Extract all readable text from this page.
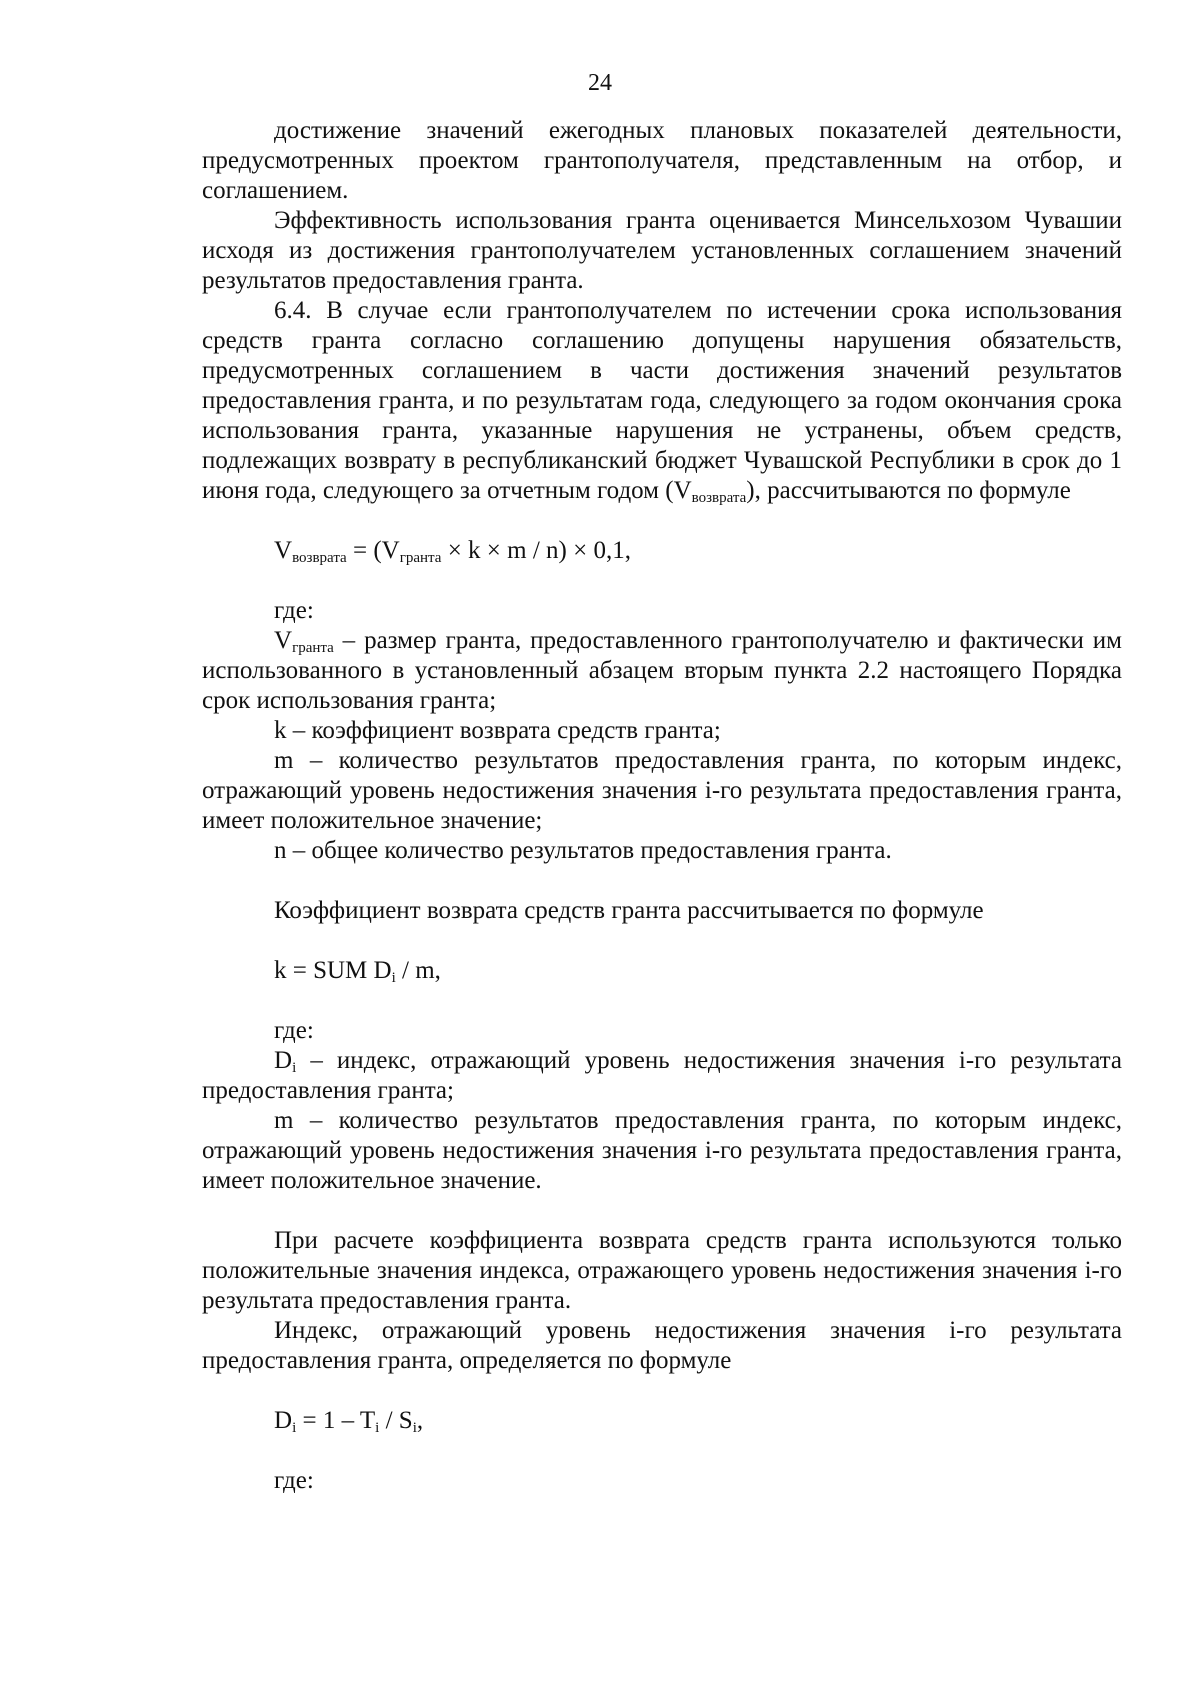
24

достижение значений ежегодных плановых показателей деятельности, предусмотренных проектом грантополучателя, представленным на отбор, и соглашением.

Эффективность использования гранта оценивается Минсельхозом Чувашии исходя из достижения грантополучателем установленных соглашением значений результатов предоставления гранта.

6.4. В случае если грантополучателем по истечении срока использования средств гранта согласно соглашению допущены нарушения обязательств, предусмотренных соглашением в части достижения значений результатов предоставления гранта, и по результатам года, следующего за годом окончания срока использования гранта, указанные нарушения не устранены, объем средств, подлежащих возврату в республиканский бюджет Чувашской Республики в срок до 1 июня года, следующего за отчетным годом $(V_{возврата})$, рассчитываются по формуле

$V_{возврата} = (V_{гранта} \times k \times m / n) \times 0,1$,

где:

$V_{гранта}$ – размер гранта, предоставленного грантополучателю и фактически им использованного в установленный абзацем вторым пункта 2.2 настоящего Порядка срок использования гранта;

k – коэффициент возврата средств гранта;

m – количество результатов предоставления гранта, по которым индекс, отражающий уровень недостижения значения i-го результата предоставления гранта, имеет положительное значение;

n – общее количество результатов предоставления гранта.

Коэффициент возврата средств гранта рассчитывается по формуле

k = SUM $D_i$ / m,

где:

$D_i$ – индекс, отражающий уровень недостижения значения i-го результата предоставления гранта;

m – количество результатов предоставления гранта, по которым индекс, отражающий уровень недостижения значения i-го результата предоставления гранта, имеет положительное значение.

При расчете коэффициента возврата средств гранта используются только положительные значения индекса, отражающего уровень недостижения значения i-го результата предоставления гранта.

Индекс, отражающий уровень недостижения значения i-го результата предоставления гранта, определяется по формуле

$D_i = 1 - T_i / S_i$,

где:
